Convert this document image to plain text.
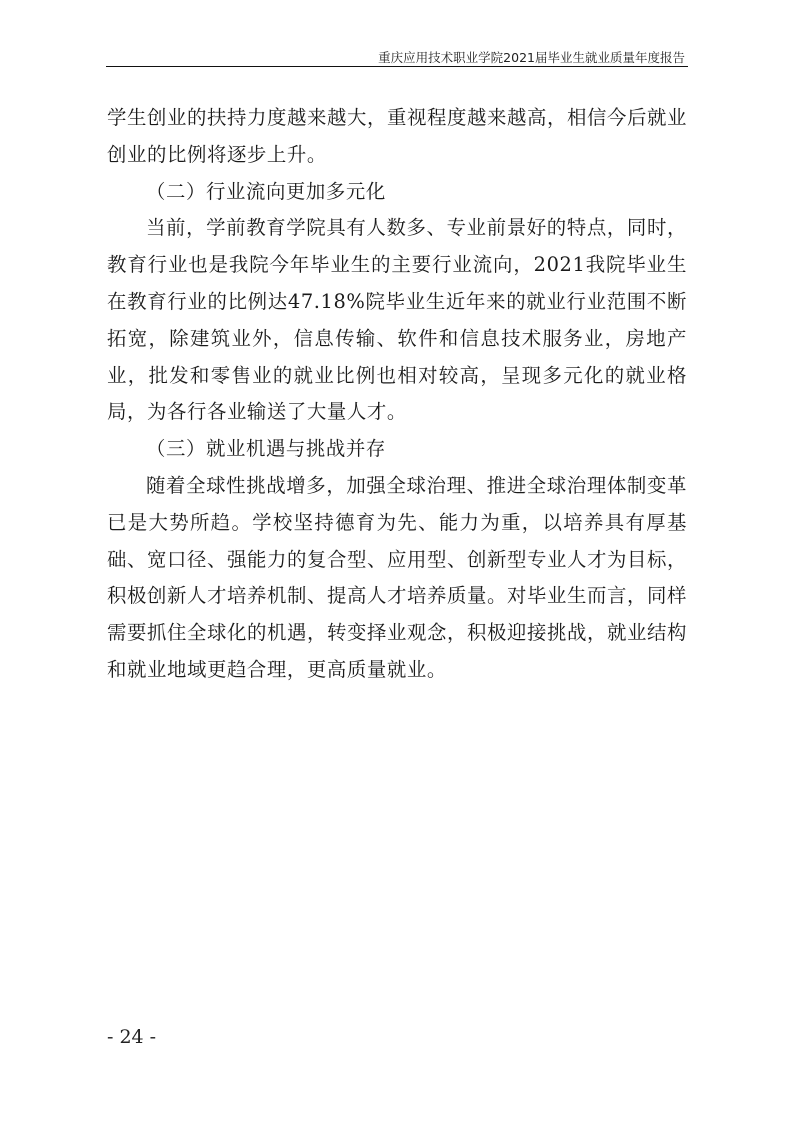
重庆应用技术职业学院2021届毕业生就业质量年度报告

学生创业的扶持力度越来越大，重视程度越来越高，相信今后就业创业的比例将逐步上升。

（二）行业流向更加多元化

当前，学前教育学院具有人数多、专业前景好的特点，同时，教育行业也是我院今年毕业生的主要行业流向，2021我院毕业生在教育行业的比例达47.18%院毕业生近年来的就业行业范围不断拓宽，除建筑业外，信息传输、软件和信息技术服务业，房地产业，批发和零售业的就业比例也相对较高，呈现多元化的就业格局，为各行各业输送了大量人才。

（三）就业机遇与挑战并存

随着全球性挑战增多，加强全球治理、推进全球治理体制变革已是大势所趋。学校坚持德育为先、能力为重，以培养具有厚基础、宽口径、强能力的复合型、应用型、创新型专业人才为目标，积极创新人才培养机制、提高人才培养质量。对毕业生而言，同样需要抓住全球化的机遇，转变择业观念，积极迎接挑战，就业结构和就业地域更趋合理，更高质量就业。

- 24 -
